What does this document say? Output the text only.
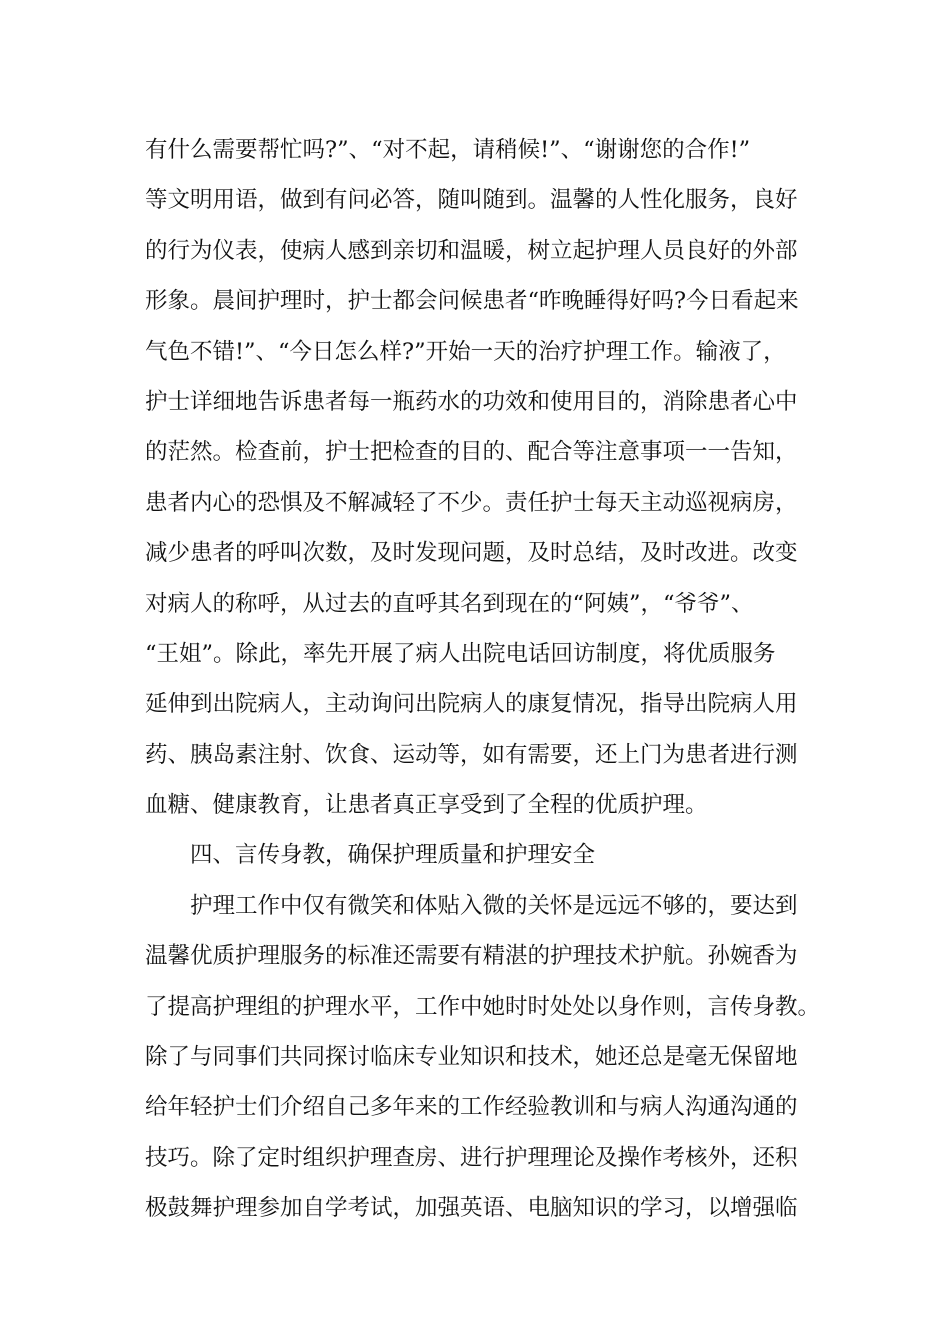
有什么需要帮忙吗?”、“对不起，请稍候!”、“谢谢您的合作!”
等文明用语，做到有问必答，随叫随到。温馨的人性化服务，良好
的行为仪表，使病人感到亲切和温暖，树立起护理人员良好的外部
形象。晨间护理时，护士都会问候患者“昨晚睡得好吗?今日看起来
气色不错!”、“今日怎么样?”开始一天的治疗护理工作。输液了，
护士详细地告诉患者每一瓶药水的功效和使用目的，消除患者心中
的茫然。检查前，护士把检查的目的、配合等注意事项一一告知，
患者内心的恐惧及不解减轻了不少。责任护士每天主动巡视病房，
减少患者的呼叫次数，及时发现问题，及时总结，及时改进。改变
对病人的称呼，从过去的直呼其名到现在的“阿姨”，“爷爷”、
“王姐”。除此，率先开展了病人出院电话回访制度，将优质服务
延伸到出院病人，主动询问出院病人的康复情况，指导出院病人用
药、胰岛素注射、饮食、运动等，如有需要，还上门为患者进行测
血糖、健康教育，让患者真正享受到了全程的优质护理。
四、言传身教，确保护理质量和护理安全
护理工作中仅有微笑和体贴入微的关怀是远远不够的，要达到
温馨优质护理服务的标准还需要有精湛的护理技术护航。孙婉香为
了提高护理组的护理水平，工作中她时时处处以身作则，言传身教。
除了与同事们共同探讨临床专业知识和技术，她还总是毫无保留地
给年轻护士们介绍自己多年来的工作经验教训和与病人沟通沟通的
技巧。除了定时组织护理查房、进行护理理论及操作考核外，还积
极鼓舞护理参加自学考试，加强英语、电脑知识的学习，以增强临
